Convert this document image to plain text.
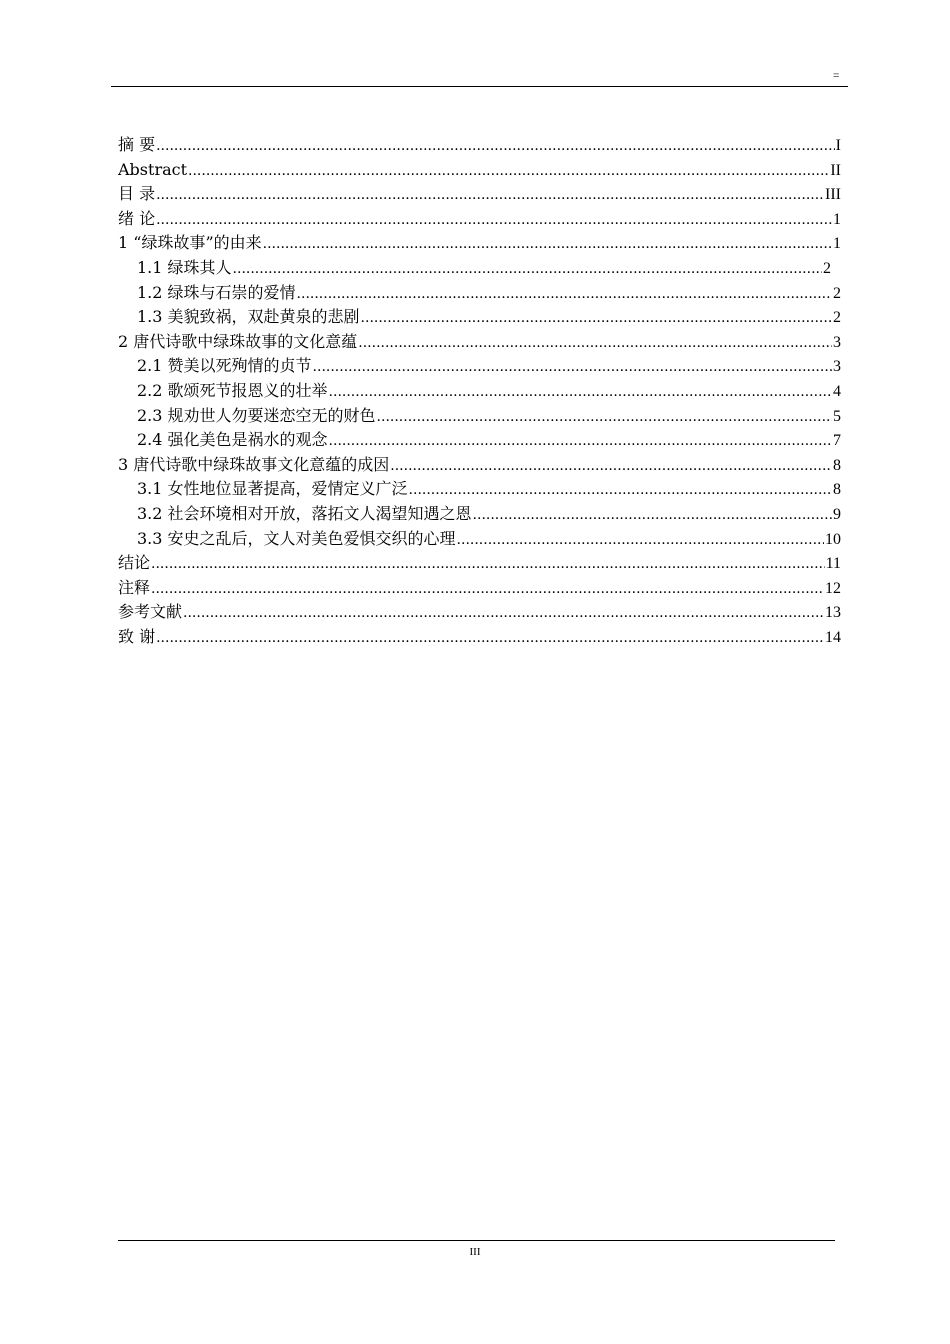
=
摘 要 .....	I
Abstract .....	II
目 录 .....	III
绪 论 .....	1
1 “绿珠故事”的由来 .....	1
1.1 绿珠其人 .....	2
1.2 绿珠与石崇的爱情 .....	2
1.3 美貌致祸，双赴黄泉的悲剧 .....	2
2 唐代诗歌中绿珠故事的文化意蕴 .....	3
2.1 赞美以死殉情的贞节 .....	3
2.2 歌颂死节报恩义的壮举 .....	4
2.3 规劝世人勿要迷恋空无的财色 .....	5
2.4 强化美色是祸水的观念 .....	7
3 唐代诗歌中绿珠故事文化意蕴的成因 .....	8
3.1 女性地位显著提高，爱情定义广泛 .....	8
3.2 社会环境相对开放，落拓文人渴望知遇之恩 .....	9
3.3 安史之乱后，文人对美色爱惧交织的心理 .....	10
结论 .....	11
注释 .....	12
参考文献 .....	13
致 谢 .....	14
III
